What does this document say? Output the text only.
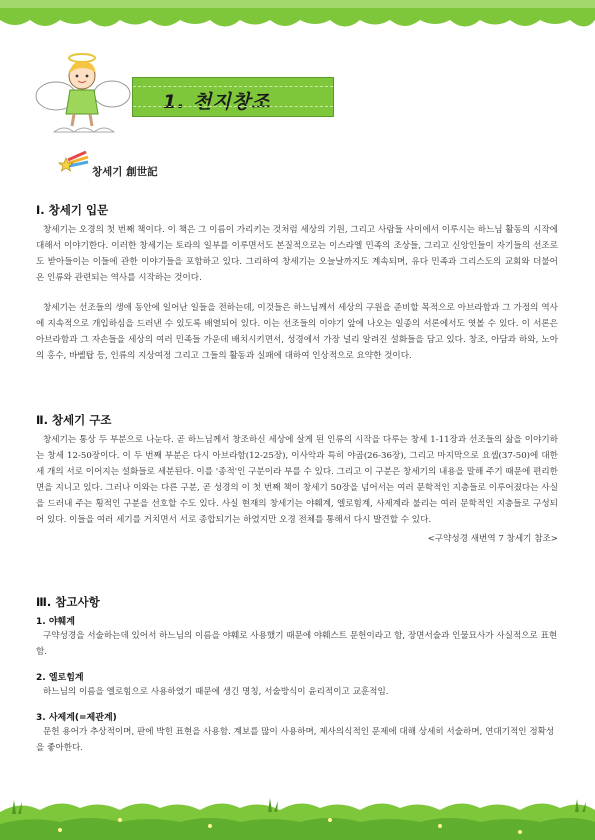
1. 천지창조
창세기 創世記
Ⅰ. 창세기 입문

창세기는 오경의 첫 번째 책이다. 이 책은 그 이름이 가리키는 것처럼 세상의 기원, 그리고 사람들 사이에서 이루시는 하느님 활동의 시작에 대해서 이야기한다. 이러한 창세기는 토라의 일부를 이루면서도 본질적으로는 이스라엘 민족의 조상들, 그리고 신앙인들이 자기들의 선조로도 받아들이는 이들에 관한 이야기들을 포함하고 있다. 그리하여 창세기는 오늘날까지도 계속되며, 유다 민족과 그리스도의 교회와 더불어 온 인류와 관련되는 역사를 시작하는 것이다.

창세기는 선조들의 생애 동안에 일어난 일들을 전하는데, 이것들은 하느님께서 세상의 구원을 준비할 목적으로 아브라함과 그 가정의 역사에 지속적으로 개입하심을 드러낸 수 있도록 배열되어 있다. 이는 선조들의 이야기 앞에 나오는 일종의 서론에서도 엿볼 수 있다. 이 서론은 아브라함과 그 자손들을 세상의 여러 민족들 가운데 배치시키면서, 성경에서 가장 널리 알려진 설화들을 담고 있다. 창조, 아담과 하와, 노아의 홍수, 바벨탑 등, 인류의 지상여정 그리고 그들의 활동과 실패에 대하여 인상적으로 요약한 것이다.

Ⅱ. 창세기 구조

창세기는 통상 두 부분으로 나눈다. 곧 하느님께서 창조하신 세상에 살게 된 인류의 시작을 다루는 창세 1-11장과 선조들의 삶을 이야기하는 창세 12-50장이다. 이 두 번째 부분은 다시 아브라함(12-25장), 이사악과 특히 야곱(26-36장), 그리고 마지막으로 요셉(37-50)에 대한 세 개의 서로 이어지는 설화들로 세분된다. 이를 '종적'인 구분이라 부를 수 있다. 그리고 이 구분은 창세기의 내용을 말해 주기 때문에 편리한 면을 지니고 있다. 그러나 이와는 다른 구분, 곧 성경의 이 첫 번째 책이 창세기 50장을 넘어서는 여러 문학적인 지층들로 이루어졌다는 사실을 드러내 주는 횡적인 구분을 선호할 수도 있다. 사실 현재의 창세기는 야훼계, 엘로힘계, 사제계라 불리는 여러 문학적인 지층들로 구성되어 있다. 이들을 여러 세기를 거치면서 서로 종합되기는 하였지만 오경 전체를 통해서 다시 발견할 수 있다.

<구약성경 새번역 7 창세기 참조>
Ⅲ. 참고사항
1. 야훼계

구약성경을 서술하는데 있어서 하느님의 이름을 야훼로 사용했기 때문에 야훼스트 문헌이라고 함, 장면서술과 인물묘사가 사실적으로 표현함.

2. 엘로힘계

하느님의 이름을 엘로힘으로 사용하였기 때문에 생긴 명칭, 서술방식이 윤리적이고 교훈적임.

3. 사제계(=제관계)

문헌 용어가 추상적이며, 판에 박힌 표현을 사용함. 계보를 많이 사용하며, 제사의식적인 문제에 대해 상세히 서술하며, 연대기적인 정확성을 좋아한다.
